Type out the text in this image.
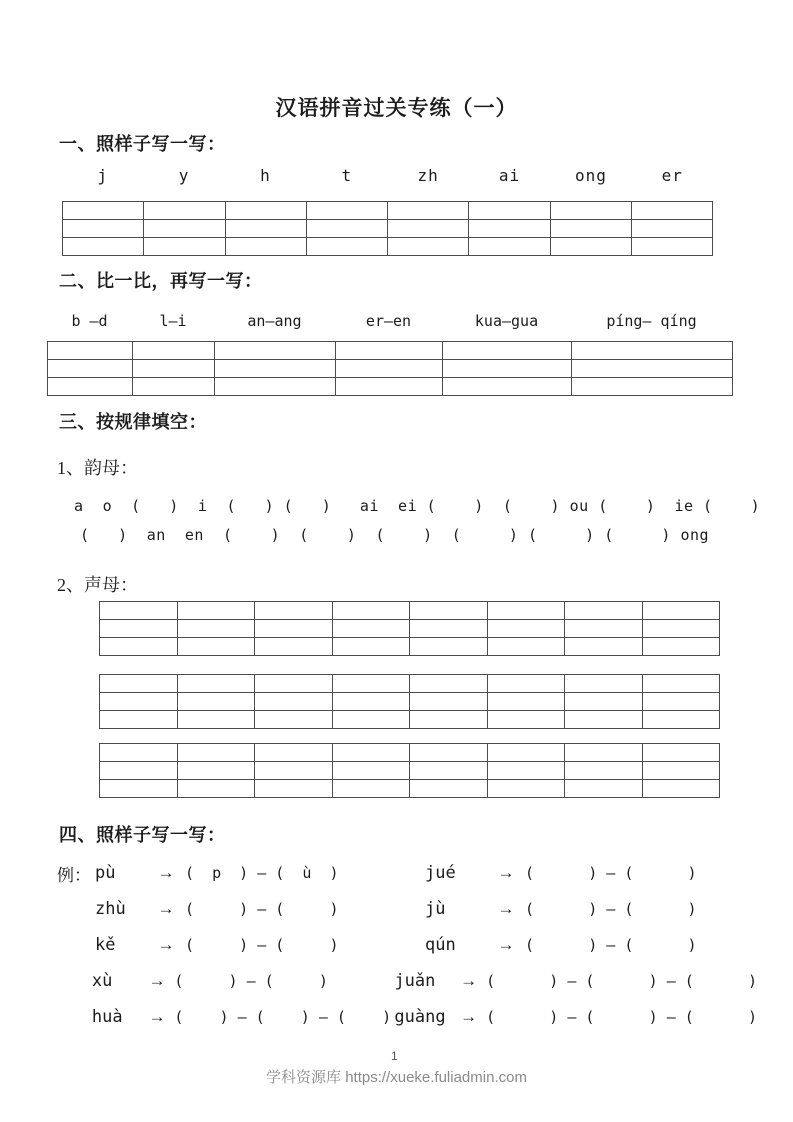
汉语拼音过关专练（一）
一、照样子写一写：
j	y	h	t	zh	ai	ong	er

二、比一比，再写一写：
b —d	l—i	an—ang	er—en	kua—gua	píng— qíng

三、按规律填空：
1、韵母：
a  o  (   )  i  (   ) (   )   ai  ei (    )  (    ) ou (    )  ie (    )
(   )  an  en  (    )  (    )  (    )  (     ) (     ) (     ) ong
2、声母：

四、照样子写一写：
例： pù	→ (  p  ) — (  ù  )	jué	→ (      ) — (      )
zhù	→ (     ) — (     )	jù	→ (      ) — (      )
kě	→ (     ) — (     )	qún	→ (      ) — (      )
xù	→ (     ) — (     )	juǎn	→ (      ) — (      ) — (      )
huà	→ (    ) — (    ) — (    ) guàng → (      ) — (      ) — (      )
1
学科资源库 https://xueke.fuliadmin.com
